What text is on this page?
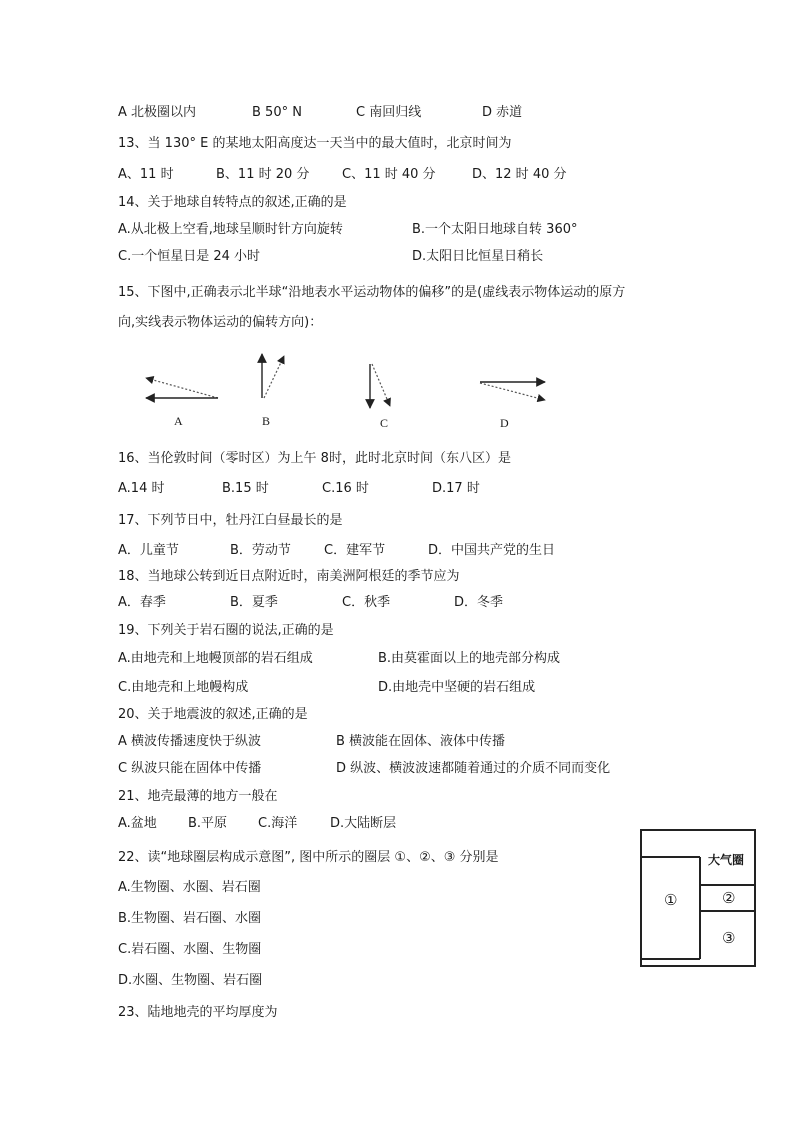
A 北极圈以内	B 50° N	C 南回归线	D 赤道
13、当 130° E 的某地太阳高度达一天当中的最大值时，北京时间为
A、11 时	B、11 时 20 分	C、11 时 40 分	D、12 时 40 分
14、关于地球自转特点的叙述,正确的是
A.从北极上空看,地球呈顺时针方向旋转	B.一个太阳日地球自转 360°
C.一个恒星日是 24 小时	D.太阳日比恒星日稍长
15、下图中,正确表示北半球“沿地表水平运动物体的偏移”的是(虚线表示物体运动的原方
向,实线表示物体运动的偏转方向)：
A	B	C	D
16、当伦敦时间（零时区）为上午 8时，此时北京时间（东八区）是
A.14 时	B.15 时	C.16 时	D.17 时
17、下列节日中，牡丹江白昼最长的是
A．儿童节	B．劳动节	C．建军节	D．中国共产党的生日
18、当地球公转到近日点附近时，南美洲阿根廷的季节应为
A．春季	B．夏季	C．秋季	D．冬季
19、下列关于岩石圈的说法,正确的是
A.由地壳和上地幔顶部的岩石组成	B.由莫霍面以上的地壳部分构成
C.由地壳和上地幔构成	D.由地壳中坚硬的岩石组成
20、关于地震波的叙述,正确的是
A 横波传播速度快于纵波	B 横波能在固体、液体中传播
C 纵波只能在固体中传播	D 纵波、横波波速都随着通过的介质不同而变化
21、地壳最薄的地方一般在
A.盆地 B.平原 C.海洋	D.大陆断层
22、读“地球圈层构成示意图”, 图中所示的圈层 ①、②、③ 分别是
A.生物圈、水圈、岩石圈
B.生物圈、岩石圈、水圈
C.岩石圈、水圈、生物圈
D.水圈、生物圈、岩石圈
大气圈
①	②
③
23、陆地地壳的平均厚度为
